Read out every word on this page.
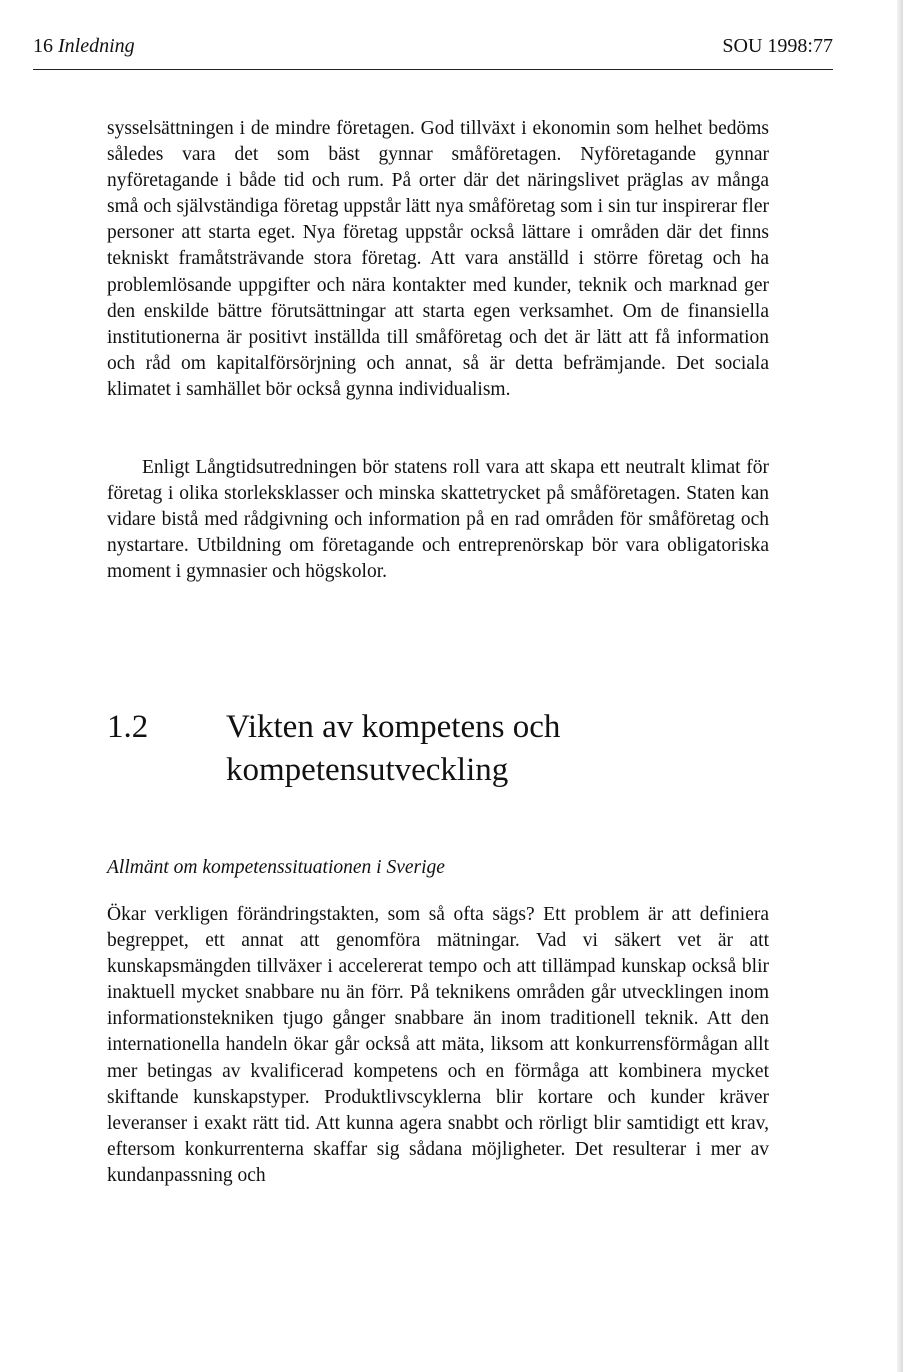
16 Inledning	SOU 1998:77

sysselsättningen i de mindre företagen. God tillväxt i ekonomin som helhet bedöms således vara det som bäst gynnar småföretagen. Nyföretagande gynnar nyföretagande i både tid och rum. På orter där det näringslivet präglas av många små och självständiga företag uppstår lätt nya småföretag som i sin tur inspirerar fler personer att starta eget. Nya företag uppstår också lättare i områden där det finns tekniskt framåtsträvande stora företag. Att vara anställd i större företag och ha problemlösande uppgifter och nära kontakter med kunder, teknik och marknad ger den enskilde bättre förutsättningar att starta egen verksamhet. Om de finansiella institutionerna är positivt inställda till småföretag och det är lätt att få information och råd om kapitalförsörjning och annat, så är detta befrämjande. Det sociala klimatet i samhället bör också gynna individualism.

Enligt Långtidsutredningen bör statens roll vara att skapa ett neutralt klimat för företag i olika storleksklasser och minska skattetrycket på småföretagen. Staten kan vidare bistå med rådgivning och information på en rad områden för småföretag och nystartare. Utbildning om företagande och entreprenörskap bör vara obligatoriska moment i gymnasier och högskolor.

1.2 Vikten av kompetens och kompetensutveckling
Allmänt om kompetenssituationen i Sverige

Ökar verkligen förändringstakten, som så ofta sägs? Ett problem är att definiera begreppet, ett annat att genomföra mätningar. Vad vi säkert vet är att kunskapsmängden tillväxer i accelererat tempo och att tillämpad kunskap också blir inaktuell mycket snabbare nu än förr. På teknikens områden går utvecklingen inom informationstekniken tjugo gånger snabbare än inom traditionell teknik. Att den internationella handeln ökar går också att mäta, liksom att konkurrensförmågan allt mer betingas av kvalificerad kompetens och en förmåga att kombinera mycket skiftande kunskapstyper. Produktlivscyklerna blir kortare och kunder kräver leveranser i exakt rätt tid. Att kunna agera snabbt och rörligt blir samtidigt ett krav, eftersom konkurrenterna skaffar sig sådana möjligheter. Det resulterar i mer av kundanpassning och
